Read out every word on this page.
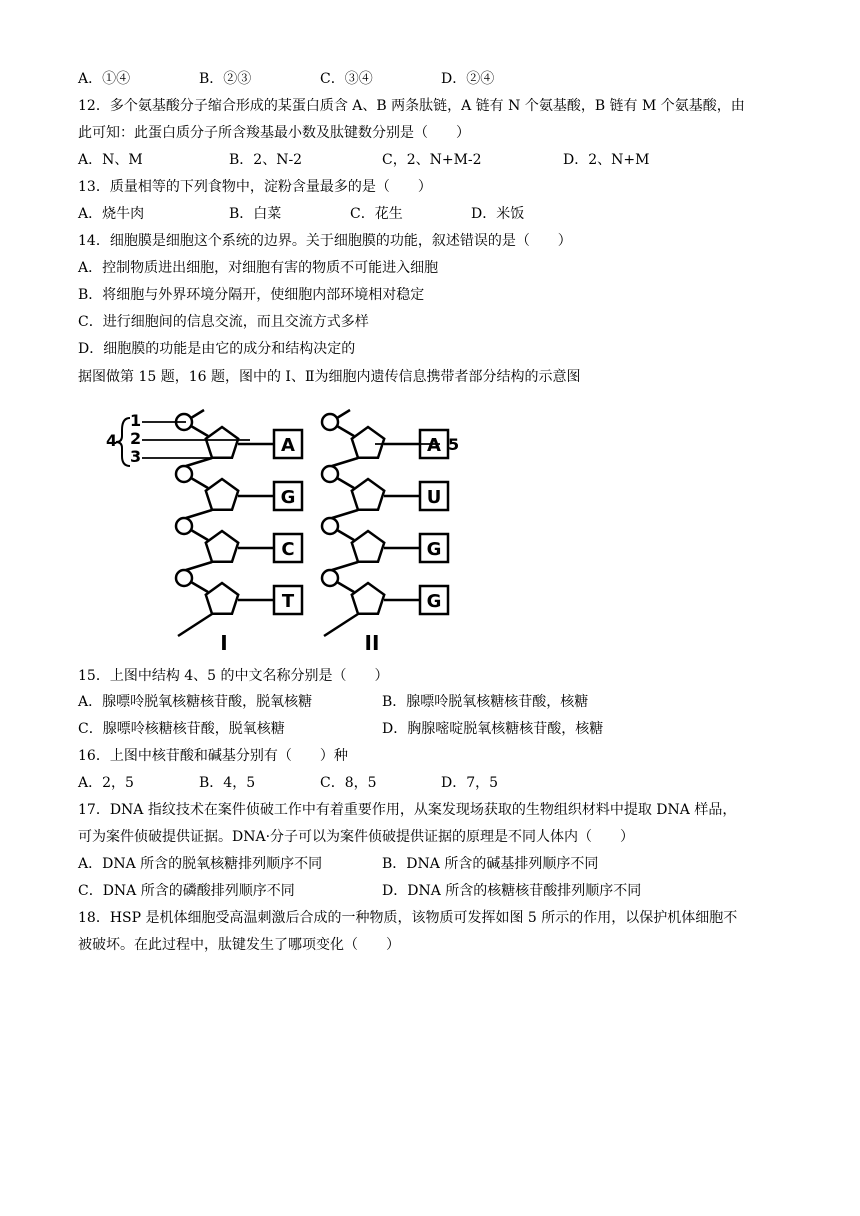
A．①④	B．②③	C．③④	D．②④
12．多个氨基酸分子缩合形成的某蛋白质含 A、B 两条肽链，A 链有 N 个氨基酸，B 链有 M 个氨基酸，由
此可知：此蛋白质分子所含羧基最小数及肽键数分别是（　　）
A．N、M	B．2、N-2	C，2、N+M-2	D．2、N+M
13．质量相等的下列食物中，淀粉含量最多的是（　　）
A．烧牛肉	B．白菜	C．花生	D．米饭
14．细胞膜是细胞这个系统的边界。关于细胞膜的功能，叙述错误的是（　　）
A．控制物质进出细胞，对细胞有害的物质不可能进入细胞
B．将细胞与外界环境分隔开，使细胞内部环境相对稳定
C．进行细胞间的信息交流，而且交流方式多样
D．细胞膜的功能是由它的成分和结构决定的
据图做第 15 题，16 题，图中的 I、Ⅱ为细胞内遗传信息携带者部分结构的示意图
A
G
C
T
A
U
G
G
4
1
2
3
5
I	II
15．上图中结构 4、5 的中文名称分别是（　　）
A．腺嘌呤脱氧核糖核苷酸，脱氧核糖	B．腺嘌呤脱氧核糖核苷酸，核糖
C．腺嘌呤核糖核苷酸，脱氧核糖	D．胸腺嘧啶脱氧核糖核苷酸，核糖
16．上图中核苷酸和碱基分别有（　　）种
A．2，5	B．4，5	C．8，5	D．7，5
17．DNA 指纹技术在案件侦破工作中有着重要作用，从案发现场获取的生物组织材料中提取 DNA 样品，
可为案件侦破提供证据。DNA·分子可以为案件侦破提供证据的原理是不同人体内（　　）
A．DNA 所含的脱氧核糖排列顺序不同	B．DNA 所含的碱基排列顺序不同
C．DNA 所含的磷酸排列顺序不同	D．DNA 所含的核糖核苷酸排列顺序不同
18．HSP 是机体细胞受高温刺激后合成的一种物质，该物质可发挥如图 5 所示的作用，以保护机体细胞不
被破坏。在此过程中，肽键发生了哪项变化（　　）
